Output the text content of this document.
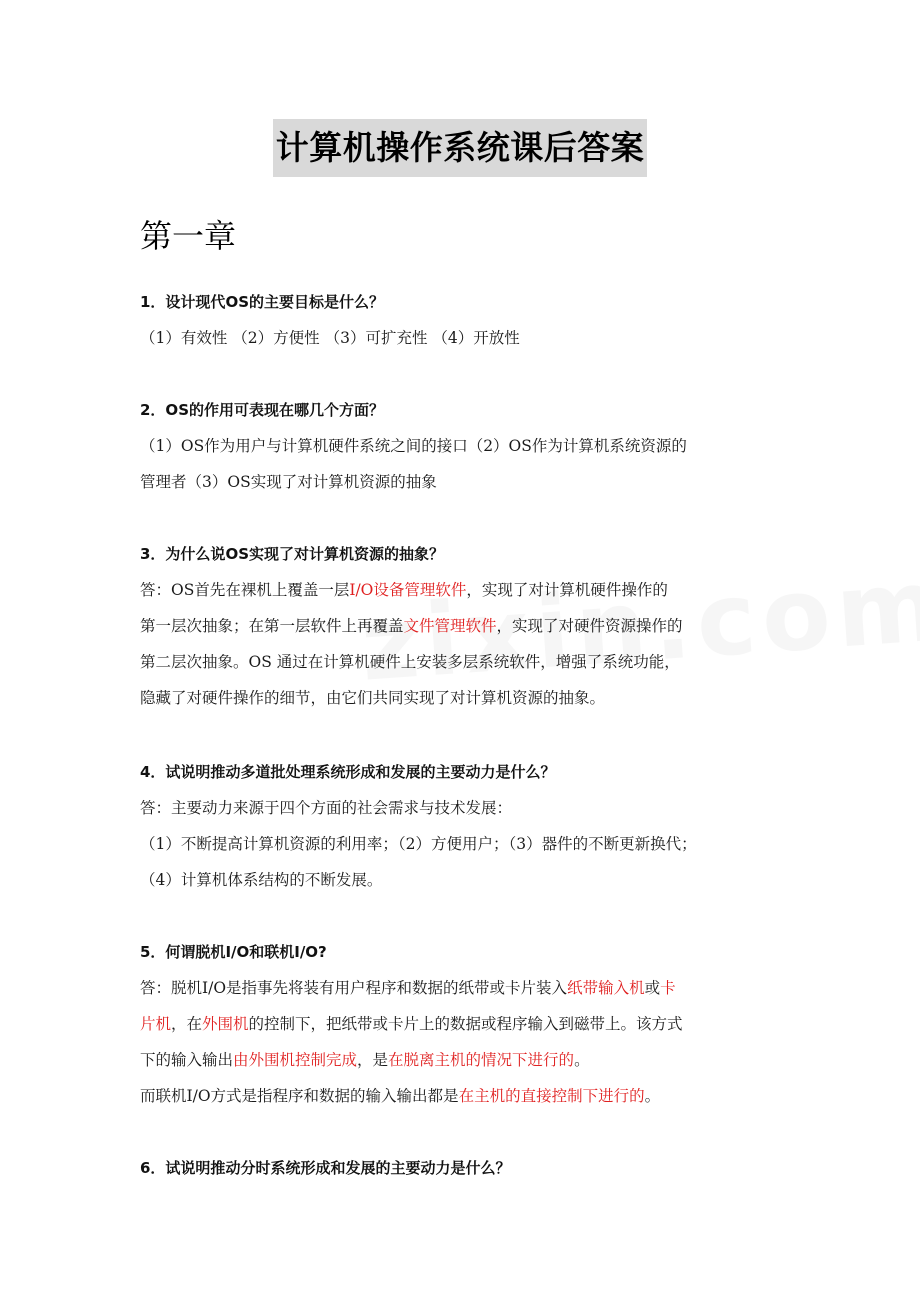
计算机操作系统课后答案
第一章
1．设计现代OS的主要目标是什么？
（1）有效性 （2）方便性 （3）可扩充性 （4）开放性
2．OS的作用可表现在哪几个方面？
（1）OS作为用户与计算机硬件系统之间的接口（2）OS作为计算机系统资源的
管理者（3）OS实现了对计算机资源的抽象
3．为什么说OS实现了对计算机资源的抽象？
答：OS首先在裸机上覆盖一层I/O设备管理软件，实现了对计算机硬件操作的
第一层次抽象；在第一层软件上再覆盖文件管理软件，实现了对硬件资源操作的
第二层次抽象。OS 通过在计算机硬件上安装多层系统软件，增强了系统功能，
隐藏了对硬件操作的细节，由它们共同实现了对计算机资源的抽象。
4．试说明推动多道批处理系统形成和发展的主要动力是什么？
答：主要动力来源于四个方面的社会需求与技术发展：
（1）不断提高计算机资源的利用率；（2）方便用户；（3）器件的不断更新换代；
（4）计算机体系结构的不断发展。
5．何谓脱机I/O和联机I/O?
答：脱机I/O是指事先将装有用户程序和数据的纸带或卡片装入纸带输入机或卡
片机，在外围机的控制下，把纸带或卡片上的数据或程序输入到磁带上。该方式
下的输入输出由外围机控制完成，是在脱离主机的情况下进行的。
而联机I/O方式是指程序和数据的输入输出都是在主机的直接控制下进行的。
6．试说明推动分时系统形成和发展的主要动力是什么？
